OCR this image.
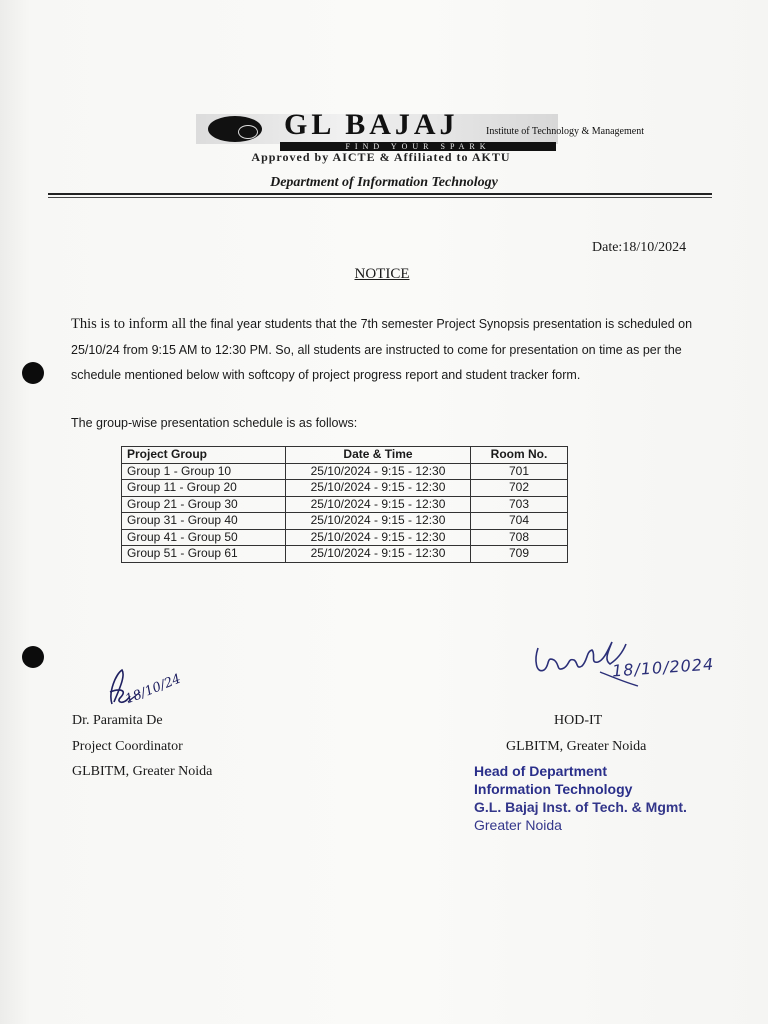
GL BAJAJ	Institute of Technology & Management
FIND YOUR SPARK
Approved by AICTE & Affiliated to AKTU
Department of Information Technology
Date:18/10/2024
NOTICE
This is to inform all the final year students that the 7th semester Project Synopsis presentation is scheduled on 25/10/24 from 9:15 AM to 12:30 PM. So, all students are instructed to come for presentation on time as per the schedule mentioned below with softcopy of project progress report and student tracker form.
The group-wise presentation schedule is as follows:
Project Group	Date & Time	Room No.
Group 1 - Group 10	25/10/2024 - 9:15 - 12:30	701
Group 11 - Group 20	25/10/2024 - 9:15 - 12:30	702
Group 21 - Group 30	25/10/2024 - 9:15 - 12:30	703
Group 31 - Group 40	25/10/2024 - 9:15 - 12:30	704
Group 41 - Group 50	25/10/2024 - 9:15 - 12:30	708
Group 51 - Group 61	25/10/2024 - 9:15 - 12:30	709
18/10/24
Dr. Paramita De
Project Coordinator
GLBITM, Greater Noida
18/10/2024
HOD-IT
GLBITM, Greater Noida
Head of Department
Information Technology
G.L. Bajaj Inst. of Tech. & Mgmt.
Greater Noida
